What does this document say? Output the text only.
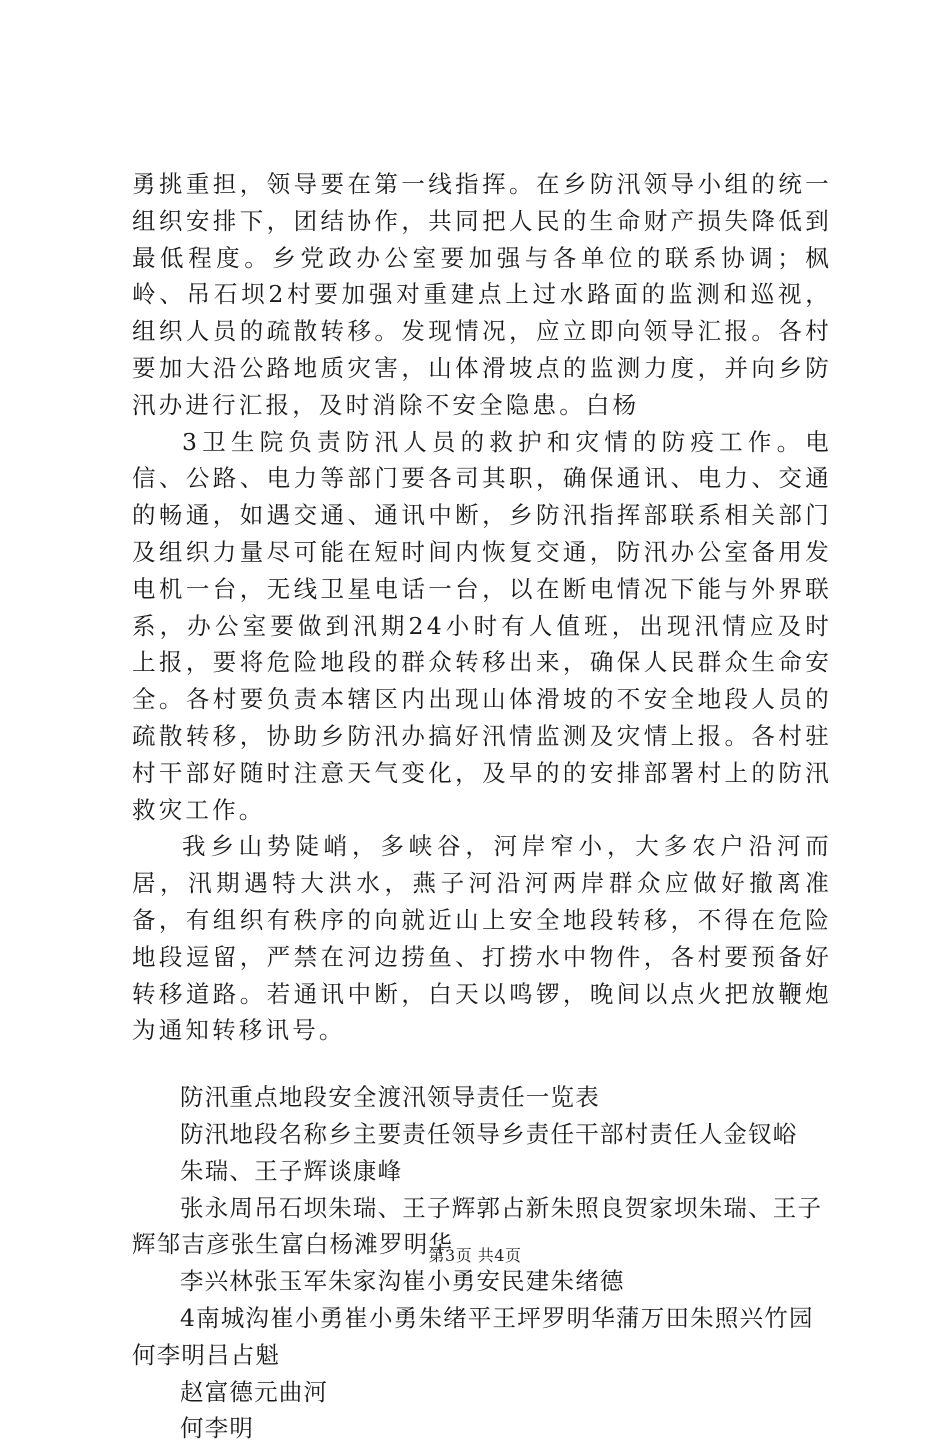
勇挑重担，领导要在第一线指挥。在乡防汛领导小组的统一组织安排下，团结协作，共同把人民的生命财产损失降低到最低程度。乡党政办公室要加强与各单位的联系协调；枫岭、吊石坝2村要加强对重建点上过水路面的监测和巡视，组织人员的疏散转移。发现情况，应立即向领导汇报。各村要加大沿公路地质灾害，山体滑坡点的监测力度，并向乡防汛办进行汇报，及时消除不安全隐患。白杨

3卫生院负责防汛人员的救护和灾情的防疫工作。电信、公路、电力等部门要各司其职，确保通讯、电力、交通的畅通，如遇交通、通讯中断，乡防汛指挥部联系相关部门及组织力量尽可能在短时间内恢复交通，防汛办公室备用发电机一台，无线卫星电话一台，以在断电情况下能与外界联系，办公室要做到汛期24小时有人值班，出现汛情应及时上报，要将危险地段的群众转移出来，确保人民群众生命安全。各村要负责本辖区内出现山体滑坡的不安全地段人员的疏散转移，协助乡防汛办搞好汛情监测及灾情上报。各村驻村干部好随时注意天气变化，及早的的安排部署村上的防汛救灾工作。

我乡山势陡峭，多峡谷，河岸窄小，大多农户沿河而居，汛期遇特大洪水，燕子河沿河两岸群众应做好撤离准备，有组织有秩序的向就近山上安全地段转移，不得在危险地段逗留，严禁在河边捞鱼、打捞水中物件，各村要预备好转移道路。若通讯中断，白天以鸣锣，晚间以点火把放鞭炮为通知转移讯号。

防汛重点地段安全渡汛领导责任一览表

防汛地段名称乡主要责任领导乡责任干部村责任人金钗峪

朱瑞、王子辉谈康峰

张永周吊石坝朱瑞、王子辉郭占新朱照良贺家坝朱瑞、王子辉邹吉彦张生富白杨滩罗明华

李兴林张玉军朱家沟崔小勇安民建朱绪德

4南城沟崔小勇崔小勇朱绪平王坪罗明华蒲万田朱照兴竹园何李明吕占魁

赵富德元曲河

何李明

第3页 共4页
